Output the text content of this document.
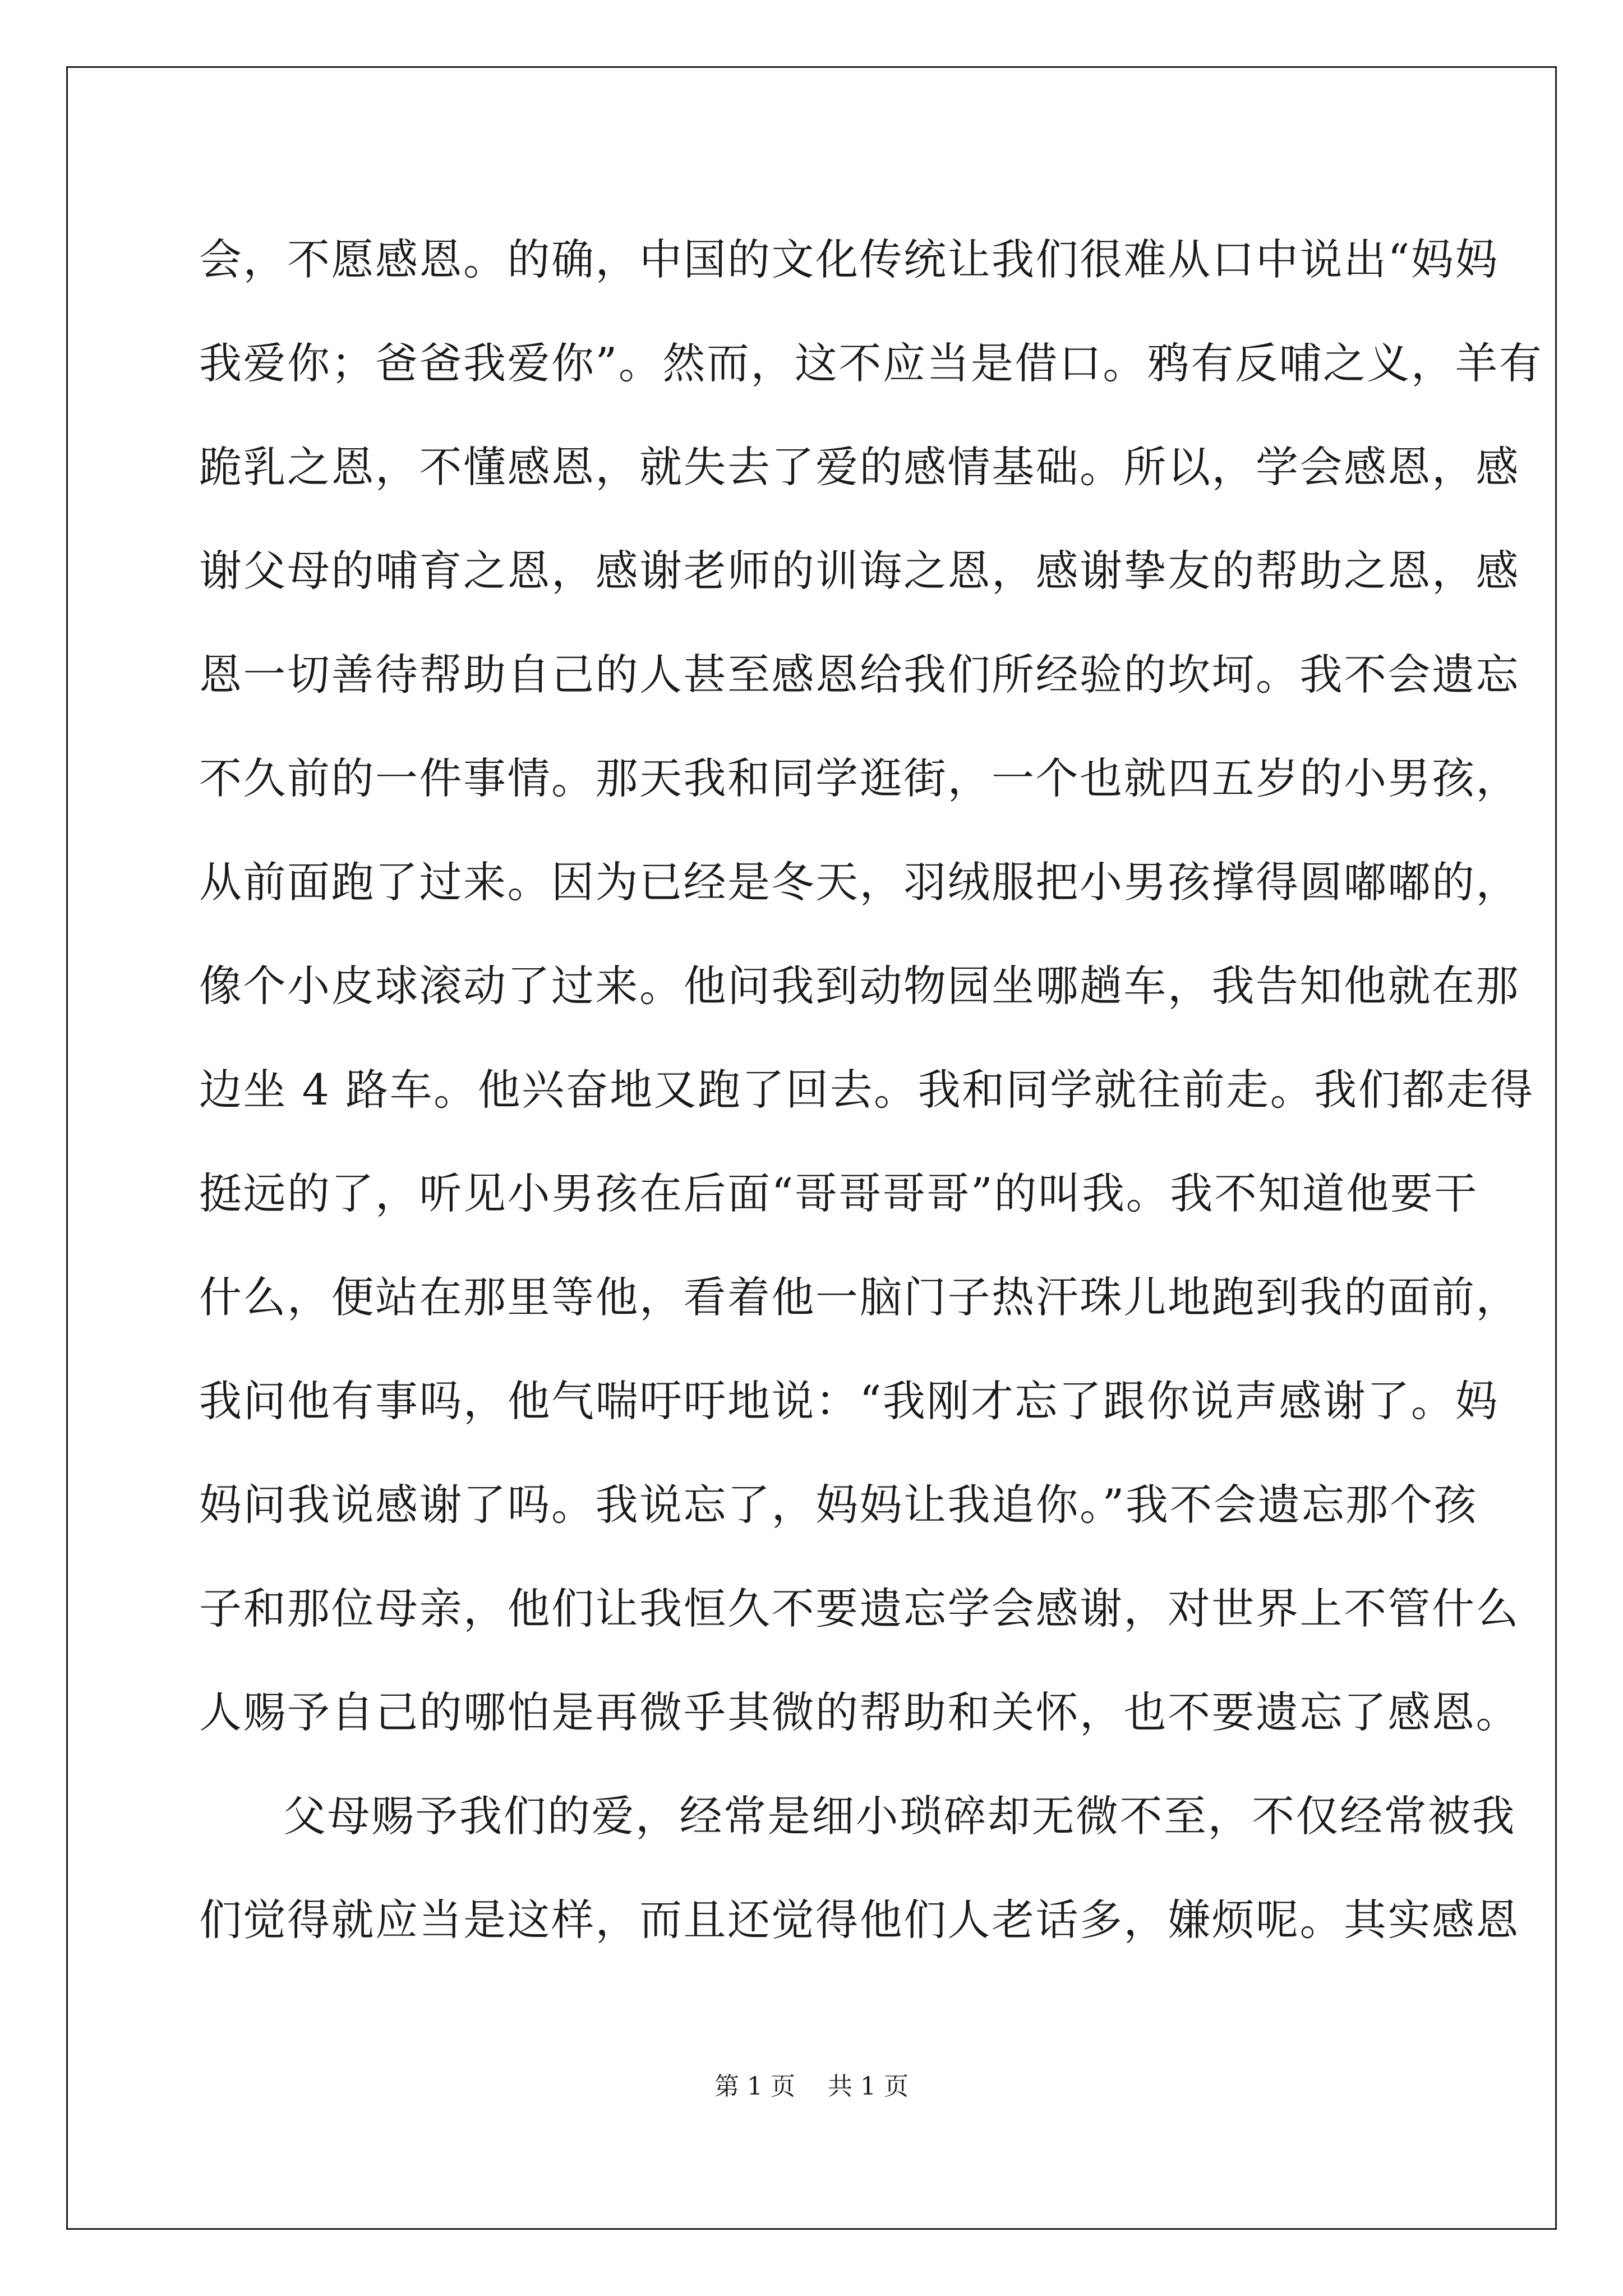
会，不愿感恩。的确，中国的文化传统让我们很难从口中说出“妈妈
我爱你；爸爸我爱你”。然而，这不应当是借口。鸦有反哺之义，羊有
跪乳之恩，不懂感恩，就失去了爱的感情基础。所以，学会感恩，感
谢父母的哺育之恩，感谢老师的训诲之恩，感谢挚友的帮助之恩，感
恩一切善待帮助自己的人甚至感恩给我们所经验的坎坷。我不会遗忘
不久前的一件事情。那天我和同学逛街，一个也就四五岁的小男孩，
从前面跑了过来。因为已经是冬天，羽绒服把小男孩撑得圆嘟嘟的，
像个小皮球滚动了过来。他问我到动物园坐哪趟车，我告知他就在那
边坐 4 路车。他兴奋地又跑了回去。我和同学就往前走。我们都走得
挺远的了，听见小男孩在后面“哥哥哥哥”的叫我。我不知道他要干
什么，便站在那里等他，看着他一脑门子热汗珠儿地跑到我的面前，
我问他有事吗，他气喘吁吁地说：“我刚才忘了跟你说声感谢了。妈
妈问我说感谢了吗。我说忘了，妈妈让我追你。”我不会遗忘那个孩
子和那位母亲，他们让我恒久不要遗忘学会感谢，对世界上不管什么
人赐予自己的哪怕是再微乎其微的帮助和关怀，也不要遗忘了感恩。
父母赐予我们的爱，经常是细小琐碎却无微不至，不仅经常被我
们觉得就应当是这样，而且还觉得他们人老话多，嫌烦呢。其实感恩
第 1 页 共 1 页
